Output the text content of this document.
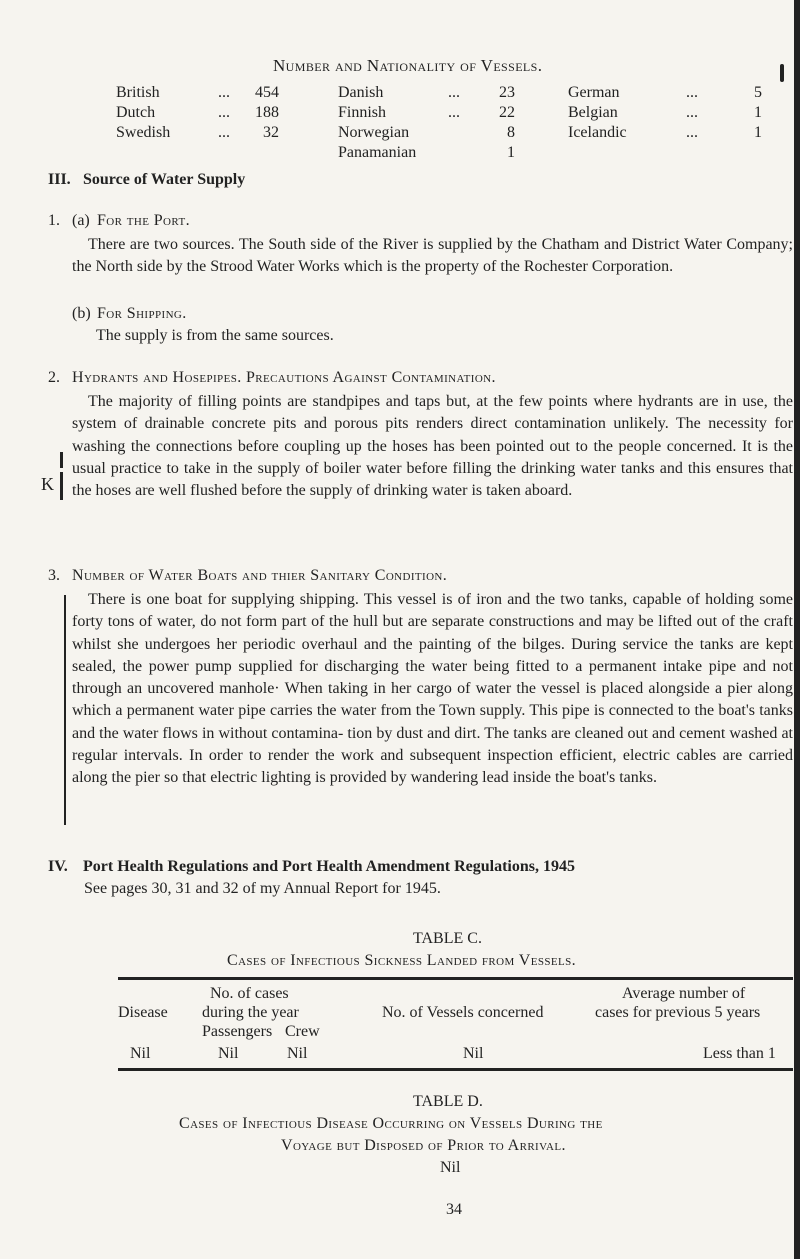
Number and Nationality of Vessels.
British	... 454	Danish	... 23	German	...	5
Dutch	... 188	Finnish	... 22	Belgian	...	1
Swedish	... 32	Norwegian	8	Icelandic	...	1
Panamanian	1
III. Source of Water Supply
1. (a) For the Port.
There are two sources. The South side of the River is supplied by the Chatham and District Water Company; the North side by the Strood Water Works which is the property of the Rochester Corporation.
(b) For Shipping.
The supply is from the same sources.
2. Hydrants and Hosepipes. Precautions Against Contamination.
The majority of filling points are standpipes and taps but, at the few points where hydrants are in use, the system of drainable concrete pits and porous pits renders direct contamination unlikely. The necessity for washing the connections before coupling up the hoses has been pointed out to the people concerned. It is the usual practice to take in the supply of boiler water before filling the drinking water tanks and this ensures that the hoses are well flushed before the supply of drinking water is taken aboard.
K
3. Number of Water Boats and thier Sanitary Condition.
There is one boat for supplying shipping. This vessel is of iron and the two tanks, capable of holding some forty tons of water, do not form part of the hull but are separate constructions and may be lifted out of the craft whilst she undergoes her periodic overhaul and the painting of the bilges. During service the tanks are kept sealed, the power pump supplied for discharging the water being fitted to a permanent intake pipe and not through an uncovered manhole· When taking in her cargo of water the vessel is placed alongside a pier along which a permanent water pipe carries the water from the Town supply. This pipe is connected to the boat's tanks and the water flows in without contamina- tion by dust and dirt. The tanks are cleaned out and cement washed at regular intervals. In order to render the work and subsequent inspection efficient, electric cables are carried along the pier so that electric lighting is provided by wandering lead inside the boat's tanks.
IV. Port Health Regulations and Port Health Amendment Regulations, 1945
See pages 30, 31 and 32 of my Annual Report for 1945.
TABLE C.
Cases of Infectious Sickness Landed from Vessels.
No. of cases
during the year
Passengers Crew
Disease	No. of Vessels concerned
Average number of
cases for previous 5 years
Nil	Nil	Nil	Nil	Less than 1
TABLE D.
Cases of Infectious Disease Occurring on Vessels During the
Voyage but Disposed of Prior to Arrival.
Nil
34
